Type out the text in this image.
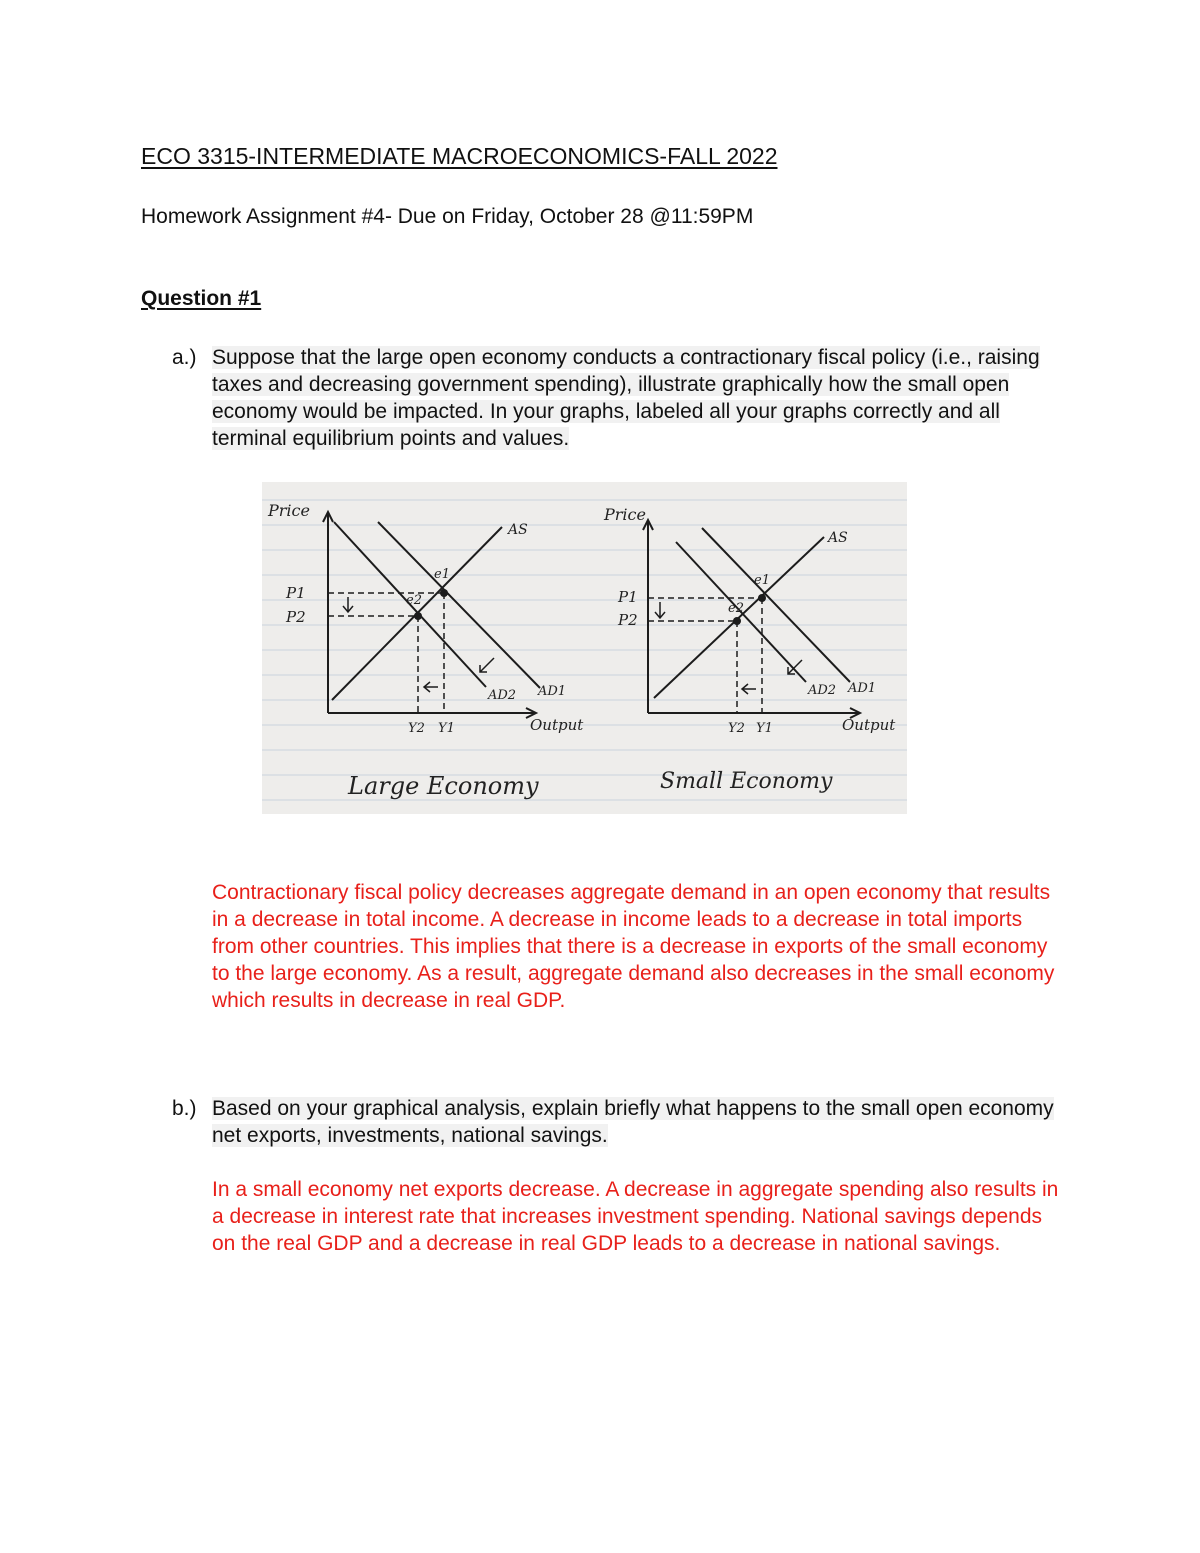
ECO 3315-INTERMEDIATE MACROECONOMICS-FALL 2022
Homework Assignment #4- Due on Friday, October 28 @11:59PM
Question #1
a.) Suppose that the large open economy conducts a contractionary fiscal policy (i.e., raising taxes and decreasing government spending), illustrate graphically how the small open economy would be impacted. In your graphs, labeled all your graphs correctly and all terminal equilibrium points and values.

Price
P1
P2
e1
e2
AS
AD1
AD2
Y2 Y1	Output
Large Economy
Price
P1
P2
e1
e2
AS
AD1
AD2
Y2 Y1	Output
Small Economy

Contractionary fiscal policy decreases aggregate demand in an open economy that results in a decrease in total income. A decrease in income leads to a decrease in total imports from other countries. This implies that there is a decrease in exports of the small economy to the large economy. As a result, aggregate demand also decreases in the small economy which results in decrease in real GDP.

b.) Based on your graphical analysis, explain briefly what happens to the small open economy net exports, investments, national savings.

In a small economy net exports decrease. A decrease in aggregate spending also results in a decrease in interest rate that increases investment spending. National savings depends on the real GDP and a decrease in real GDP leads to a decrease in national savings.
